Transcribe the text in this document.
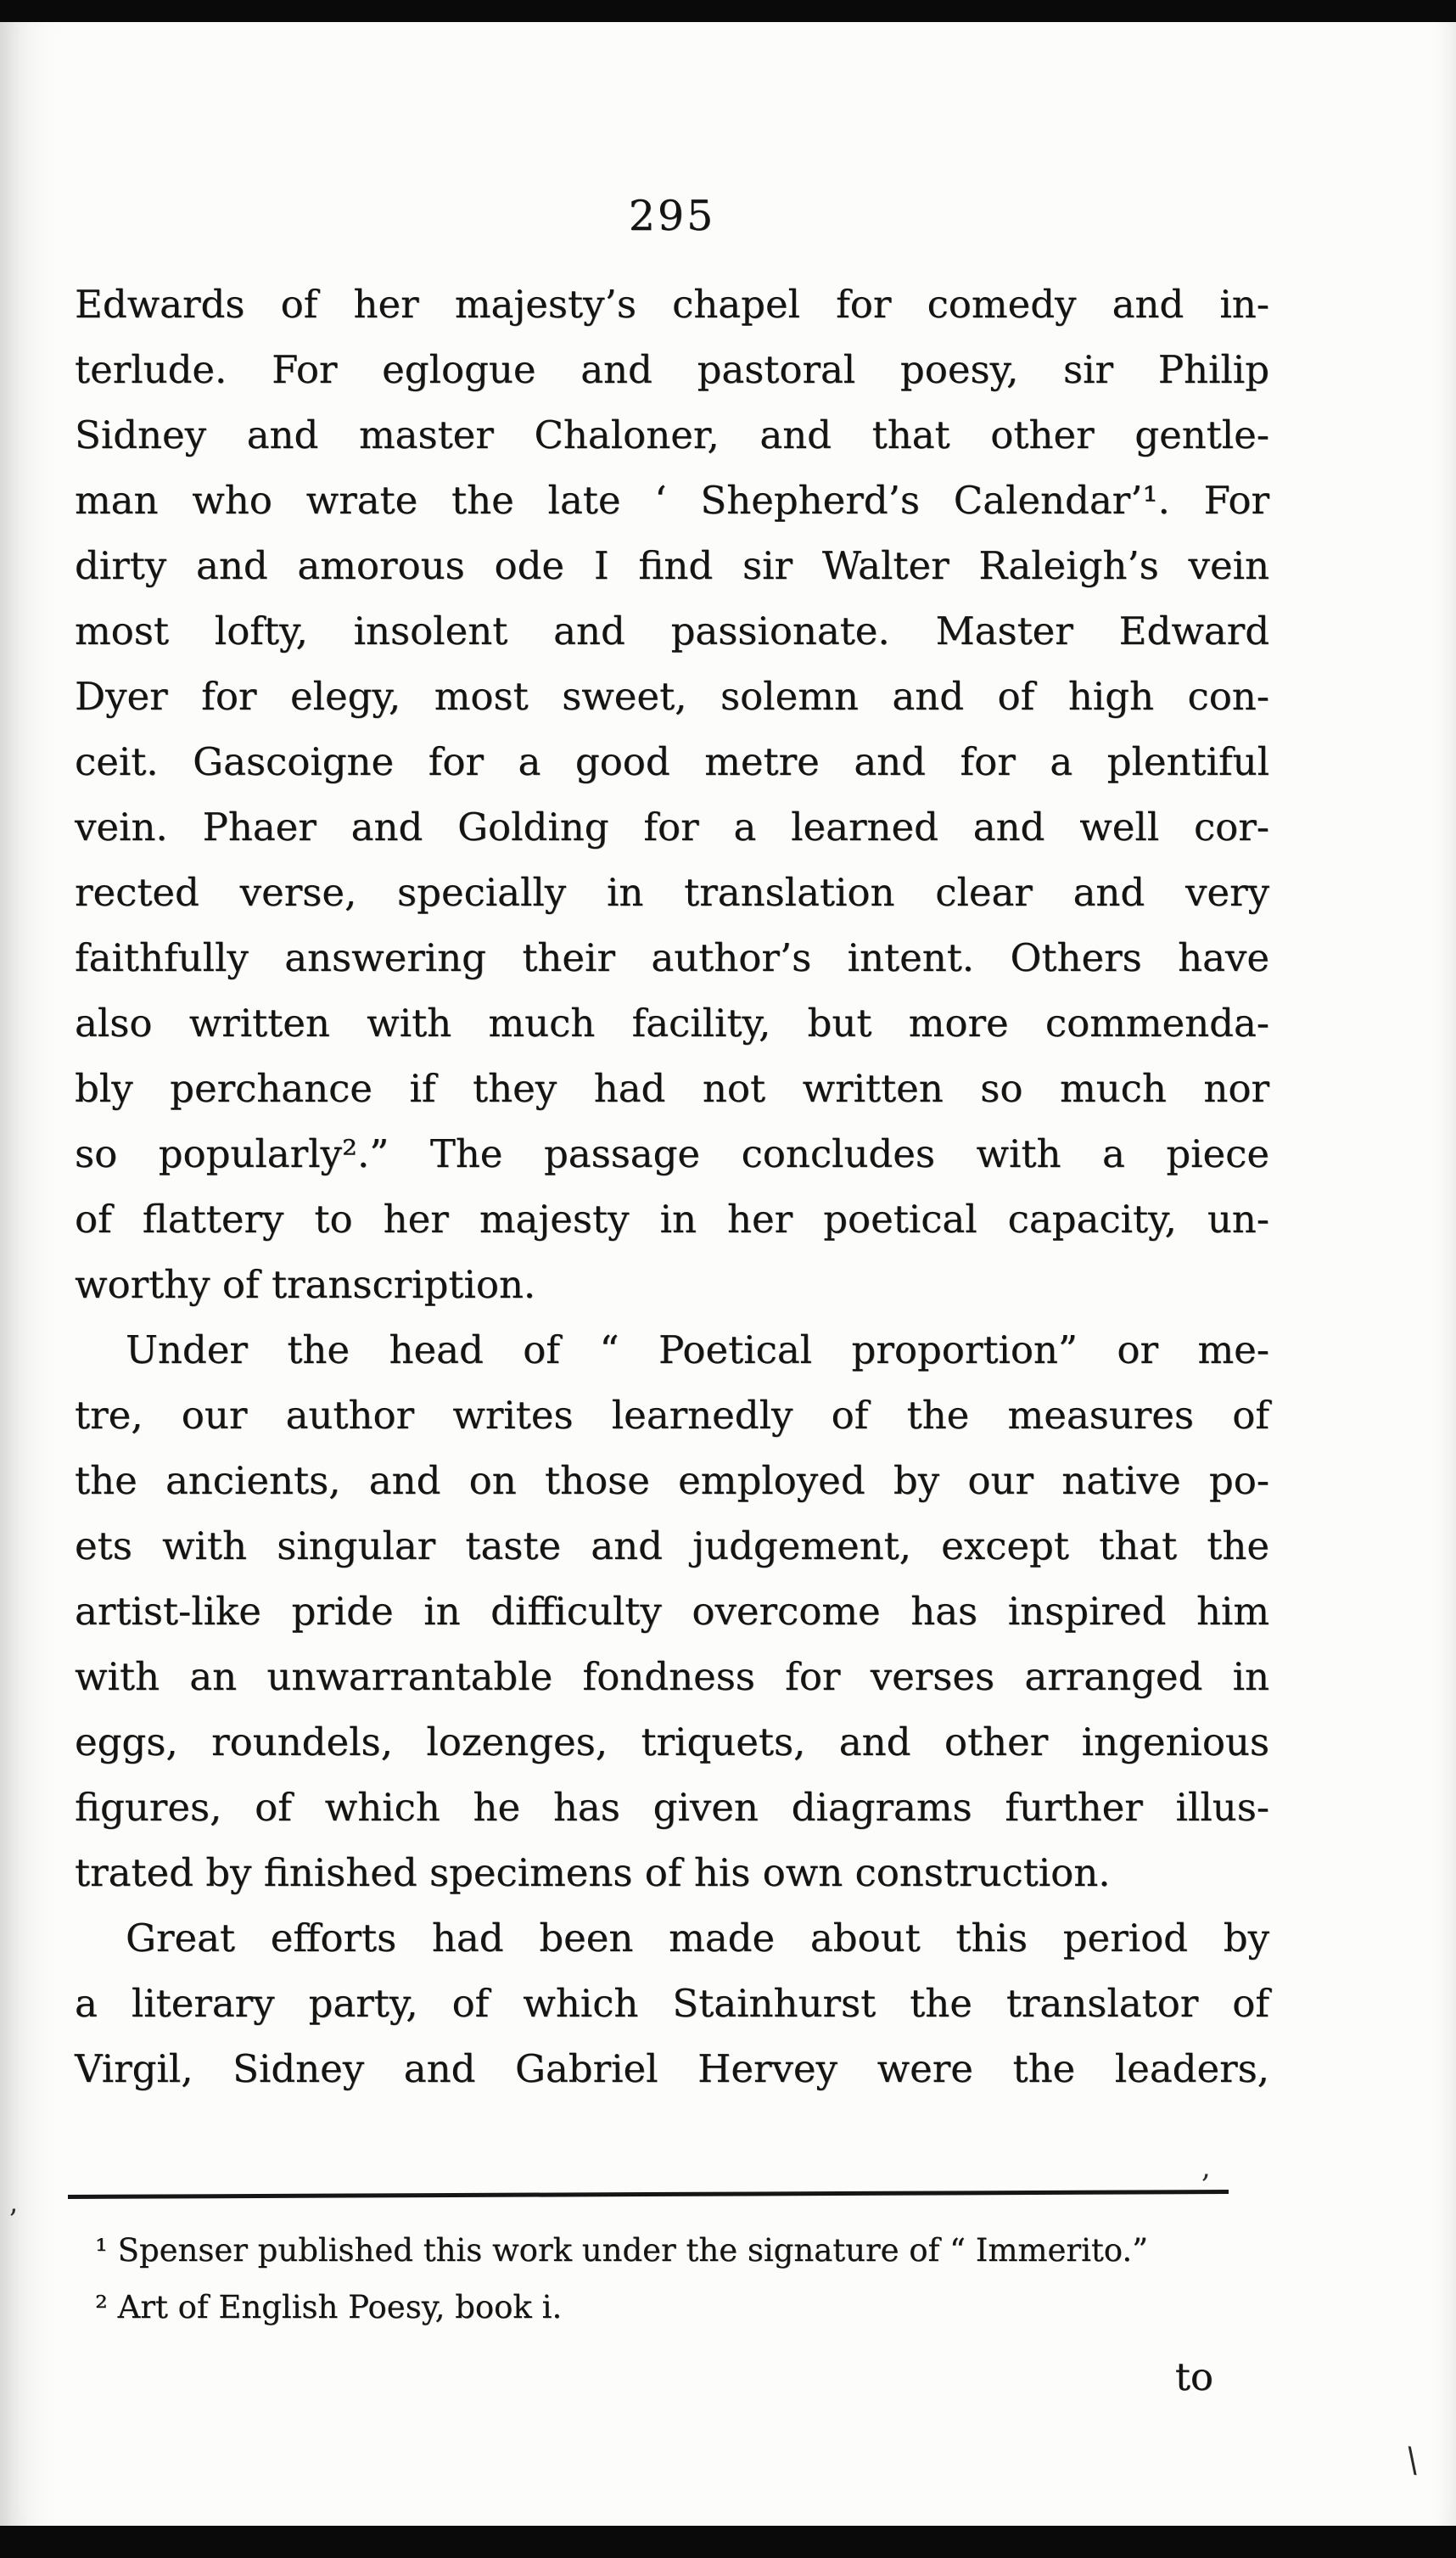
295
Edwards of her majesty’s chapel for comedy and in-
terlude. For eglogue and pastoral poesy, sir Philip
Sidney and master Chaloner, and that other gentle-
man who wrate the late ‘ Shepherd’s Calendar’¹. For
dirty and amorous ode I find sir Walter Raleigh’s vein
most lofty, insolent and passionate. Master Edward
Dyer for elegy, most sweet, solemn and of high con-
ceit. Gascoigne for a good metre and for a plentiful
vein. Phaer and Golding for a learned and well cor-
rected verse, specially in translation clear and very
faithfully answering their author’s intent. Others have
also written with much facility, but more commenda-
bly perchance if they had not written so much nor
so popularly².” The passage concludes with a piece
of flattery to her majesty in her poetical capacity, un-
worthy of transcription.
Under the head of “ Poetical proportion” or me-
tre, our author writes learnedly of the measures of
the ancients, and on those employed by our native po-
ets with singular taste and judgement, except that the
artist-like pride in difficulty overcome has inspired him
with an unwarrantable fondness for verses arranged in
eggs, roundels, lozenges, triquets, and other ingenious
figures, of which he has given diagrams further illus-
trated by finished specimens of his own construction.
Great efforts had been made about this period by
a literary party, of which Stainhurst the translator of
Virgil, Sidney and Gabriel Hervey were the leaders,
¹ Spenser published this work under the signature of “ Immerito.”
² Art of English Poesy, book i.
to
’
,
\
